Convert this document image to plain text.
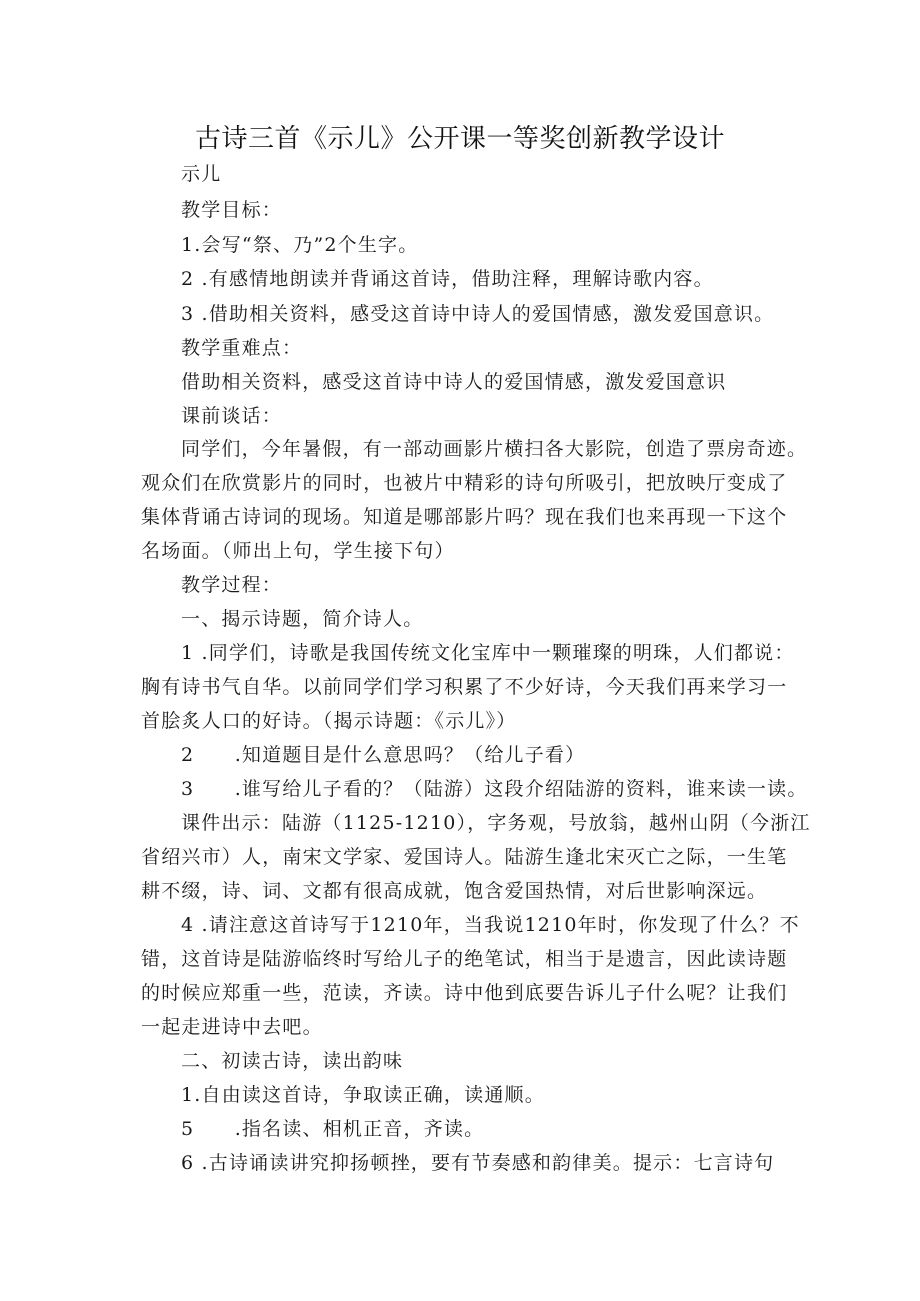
古诗三首《示儿》公开课一等奖创新教学设计
示儿
教学目标：
1.会写“祭、乃”2个生字。
2 .有感情地朗读并背诵这首诗，借助注释，理解诗歌内容。
3 .借助相关资料，感受这首诗中诗人的爱国情感，激发爱国意识。
教学重难点：
借助相关资料，感受这首诗中诗人的爱国情感，激发爱国意识
课前谈话：
同学们，今年暑假，有一部动画影片横扫各大影院，创造了票房奇迹。
观众们在欣赏影片的同时，也被片中精彩的诗句所吸引，把放映厅变成了
集体背诵古诗词的现场。知道是哪部影片吗？现在我们也来再现一下这个
名场面。（师出上句，学生接下句）
教学过程：
一、揭示诗题，简介诗人。
1 .同学们，诗歌是我国传统文化宝库中一颗璀璨的明珠，人们都说：
胸有诗书气自华。以前同学们学习积累了不少好诗，今天我们再来学习一
首脍炙人口的好诗。（揭示诗题：《示儿》）
2　　.知道题目是什么意思吗？（给儿子看）
3　　.谁写给儿子看的？（陆游）这段介绍陆游的资料，谁来读一读。
课件出示：陆游（1125-1210），字务观，号放翁，越州山阴（今浙江
省绍兴市）人，南宋文学家、爱国诗人。陆游生逢北宋灭亡之际，一生笔
耕不缀，诗、词、文都有很高成就，饱含爱国热情，对后世影响深远。
4 .请注意这首诗写于1210年，当我说1210年时，你发现了什么？不
错，这首诗是陆游临终时写给儿子的绝笔试，相当于是遗言，因此读诗题
的时候应郑重一些，范读，齐读。诗中他到底要告诉儿子什么呢？让我们
一起走进诗中去吧。
二、初读古诗，读出韵味
1.自由读这首诗，争取读正确，读通顺。
5　　.指名读、相机正音，齐读。
6 .古诗诵读讲究抑扬顿挫，要有节奏感和韵律美。提示：七言诗句
